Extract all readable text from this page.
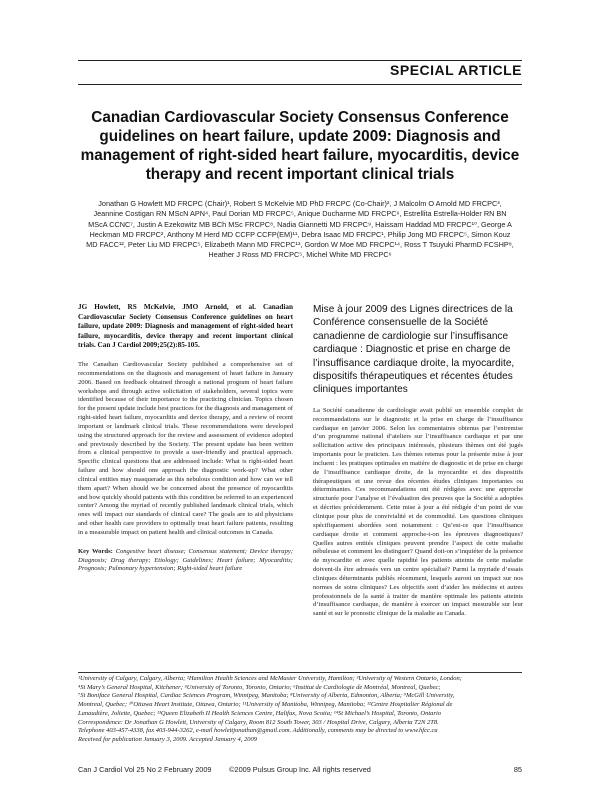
SPECIAL ARTICLE
Canadian Cardiovascular Society Consensus Conference guidelines on heart failure, update 2009: Diagnosis and management of right-sided heart failure, myocarditis, device therapy and recent important clinical trials
Jonathan G Howlett MD FRCPC (Chair)¹, Robert S McKelvie MD PhD FRCPC (Co-Chair)², J Malcolm O Arnold MD FRCPC³, Jeannine Costigan RN MScN APN⁴, Paul Dorian MD FRCPC⁵, Anique Ducharme MD FRCPC⁶, Estrellita Estrella-Holder RN BN MScA CCNC⁷, Justin A Ezekowitz MB BCh MSc FRCPC⁸, Nadia Giannetti MD FRCPC⁹, Haissam Haddad MD FRCPC¹⁰, George A Heckman MD FRCPC², Anthony M Herd MD CCFP CCFP(EM)¹¹, Debra Isaac MD FRCPC¹, Philip Jong MD FRCPC⁵, Simon Kouz MD FACC¹², Peter Liu MD FRCPC⁵, Elizabeth Mann MD FRCPC¹³, Gordon W Moe MD FRCPC¹⁴, Ross T Tsuyuki PharmD FCSHP⁸, Heather J Ross MD FRCPC⁵, Michel White MD FRCPC⁶

JG Howlett, RS McKelvie, JMO Arnold, et al. Canadian Cardiovascular Society Consensus Conference guidelines on heart failure, update 2009: Diagnosis and management of right-sided heart failure, myocarditis, device therapy and recent important clinical trials. Can J Cardiol 2009;25(2):85-105.

The Canadian Cardiovascular Society published a comprehensive set of recommendations on the diagnosis and management of heart failure in January 2006. Based on feedback obtained through a national program of heart failure workshops and through active solicitation of stakeholders, several topics were identified because of their importance to the practicing clinician. Topics chosen for the present update include best practices for the diagnosis and management of right-sided heart failure, myocarditis and device therapy, and a review of recent important or landmark clinical trials. These recommendations were developed using the structured approach for the review and assessment of evidence adopted and previously described by the Society. The present update has been written from a clinical perspective to provide a user-friendly and practical approach. Specific clinical questions that are addressed include: What is right-sided heart failure and how should one approach the diagnostic work-up? What other clinical entities may masquerade as this nebulous condition and how can we tell them apart? When should we be concerned about the presence of myocarditis and how quickly should patients with this condition be referred to an experienced center? Among the myriad of recently published landmark clinical trials, which ones will impact our standards of clinical care? The goals are to aid physicians and other health care providers to optimally treat heart failure patients, resulting in a measurable impact on patient health and clinical outcomes in Canada.

Key Words: Congestive heart disease; Consensus statement; Device therapy; Diagnosis; Drug therapy; Etiology; Guidelines; Heart failure; Myocarditis; Prognosis; Pulmonary hypertension; Right-sided heart failure

Mise à jour 2009 des Lignes directrices de la Conférence consensuelle de la Société canadienne de cardiologie sur l’insuffisance cardiaque : Diagnostic et prise en charge de l’insuffisance cardiaque droite, la myocardite, dispositifs thérapeutiques et récentes études cliniques importantes

La Société canadienne de cardiologie avait publié un ensemble complet de recommandations sur le diagnostic et la prise en charge de l’insuffisance cardiaque en janvier 2006. Selon les commentaires obtenus par l’entremise d’un programme national d’ateliers sur l’insuffisance cardiaque et par une sollicitation active des principaux intéressés, plusieurs thèmes ont été jugés importants pour le praticien. Les thèmes retenus pour la présente mise à jour incluent : les pratiques optimales en matière de diagnostic et de prise en charge de l’insuffisance cardiaque droite, de la myocardite et des dispositifs thérapeutiques et une revue des récentes études cliniques importantes ou déterminantes. Ces recommandations ont été rédigées avec une approche structurée pour l’analyse et l’évaluation des preuves que la Société a adoptées et décrites précédemment. Cette mise à jour a été rédigée d’un point de vue clinique pour plus de convivialité et de commodité. Les questions cliniques spécifiquement abordées sont notamment : Qu’est-ce que l’insuffisance cardiaque droite et comment approche-t-on les épreuves diagnostiques? Quelles autres entités cliniques peuvent prendre l’aspect de cette maladie nébuleuse et comment les distinguer? Quand doit-on s’inquiéter de la présence de myocardite et avec quelle rapidité les patients atteints de cette maladie doivent-ils être adressés vers un centre spécialisé? Parmi la myriade d’essais cliniques déterminants publiés récemment, lesquels auront un impact sur nos normes de soins cliniques? Les objectifs sont d’aider les médecins et autres professionnels de la santé à traiter de manière optimale les patients atteints d’insuffisance cardiaque, de manière à exercer un impact mesurable sur leur santé et sur le pronostic clinique de la maladie au Canada.

¹University of Calgary, Calgary, Alberta; ²Hamilton Health Sciences and McMaster University, Hamilton; ³University of Western Ontario, London;

⁴St Mary’s General Hospital, Kitchener; ⁵University of Toronto, Toronto, Ontario; ⁶Institut de Cardiologie de Montréal, Montreal, Quebec;

⁷St Boniface General Hospital, Cardiac Sciences Program, Winnipeg, Manitoba; ⁸University of Alberta, Edmonton, Alberta; ⁹McGill University,

Montreal, Quebec; ¹⁰Ottawa Heart Institute, Ottawa, Ontario; ¹¹University of Manitoba, Winnipeg, Manitoba; ¹²Centre Hospitalier Régional de

Lanaudière, Joliette, Quebec; ¹³Queen Elizabeth II Health Sciences Centre, Halifax, Nova Scotia; ¹⁴St Michael’s Hospital, Toronto, Ontario

Correspondence: Dr Jonathan G Howlett, University of Calgary, Room 812 South Tower, 303 / Hospital Drive, Calgary, Alberta T2N 2T8.

Telephone 403-457-4338, fax 403-944-3262, e-mail howlettjonathan@gmail.com. Additionally, comments may be directed to www.hfcc.ca

Received for publication January 3, 2009. Accepted January 4, 2009

Can J Cardiol Vol 25 No 2 February 2009	©2009 Pulsus Group Inc. All rights reserved	85
